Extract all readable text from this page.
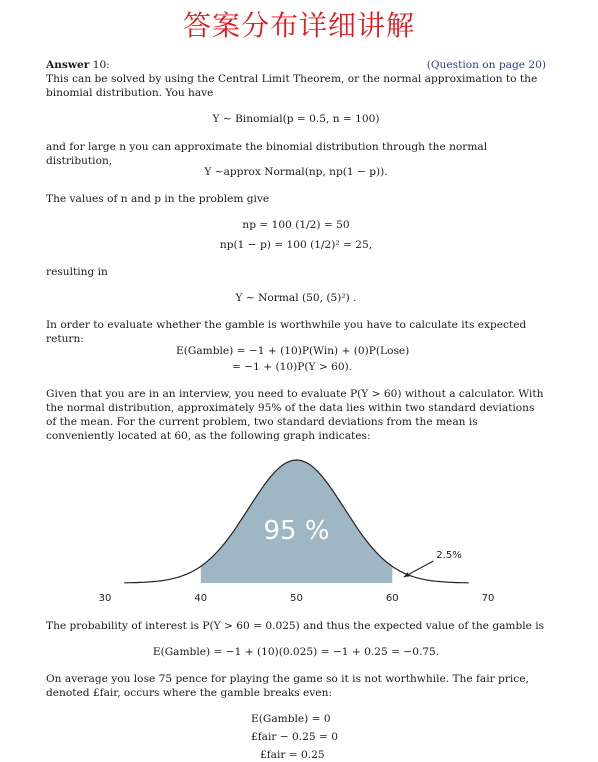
答案分布详细讲解
Answer 10:	(Question on page 20)
This can be solved by using the Central Limit Theorem, or the normal approximation to the binomial distribution. You have
Y ∼ Binomial(p = 0.5, n = 100)
and for large n you can approximate the binomial distribution through the normal distribution,
Y ∼approx Normal(np, np(1 − p)).
The values of n and p in the problem give
np = 100 (1/2) = 50
np(1 − p) = 100 (1/2)² = 25,
resulting in
Y ∼ Normal (50, (5)²) .
In order to evaluate whether the gamble is worthwhile you have to calculate its expected return:
E(Gamble) = −1 + (10)P(Win) + (0)P(Lose)
= −1 + (10)P(Y > 60).
Given that you are in an interview, you need to evaluate P(Y > 60) without a calculator. With the normal distribution, approximately 95% of the data lies within two standard deviations of the mean. For the current problem, two standard deviations from the mean is conveniently located at 60, as the following graph indicates:
95 %
2.5%
30	40	50	60	70
The probability of interest is P(Y > 60 = 0.025) and thus the expected value of the gamble is
E(Gamble) = −1 + (10)(0.025) = −1 + 0.25 = −0.75.
On average you lose 75 pence for playing the game so it is not worthwhile. The fair price, denoted £fair, occurs where the gamble breaks even:
E(Gamble) = 0
£fair − 0.25 = 0
£fair = 0.25
